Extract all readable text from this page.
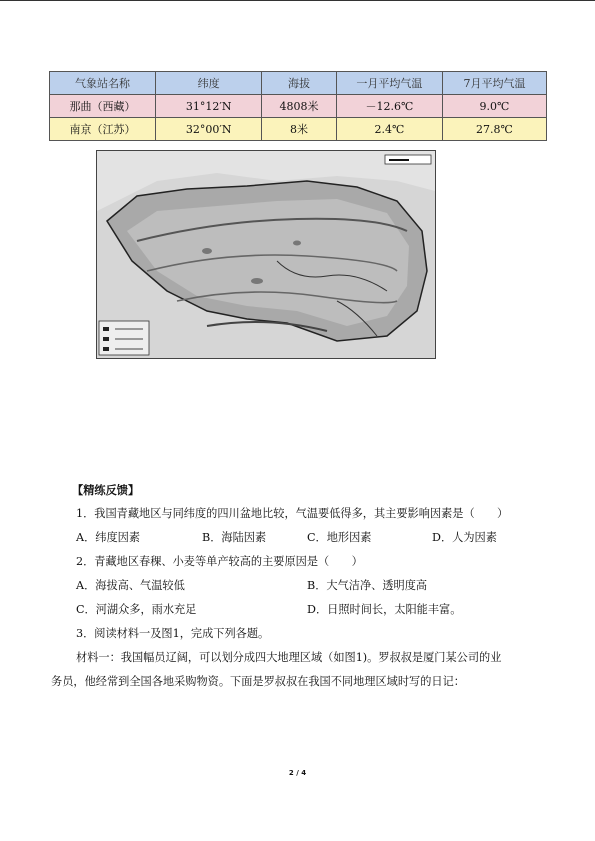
气象站名称	纬度	海拔	一月平均气温	7月平均气温
那曲（西藏）	31°12′N	4808米	－12.6℃	9.0℃
南京（江苏）	32°00′N	8米	2.4℃	27.8℃
【精练反馈】
1．我国青藏地区与同纬度的四川盆地比较，气温要低得多，其主要影响因素是（　　）
A．纬度因素	B．海陆因素	C．地形因素	D．人为因素
2．青藏地区春稞、小麦等单产较高的主要原因是（　　）
A．海拔高、气温较低	B．大气洁净、透明度高
C．河湖众多，雨水充足	D．日照时间长，太阳能丰富。
3．阅读材料一及图1，完成下列各题。
材料一：我国幅员辽阔，可以划分成四大地理区域（如图1)。罗叔叔是厦门某公司的业
务员，他经常到全国各地采购物资。下面是罗叔叔在我国不同地理区域时写的日记：
2 / 4
